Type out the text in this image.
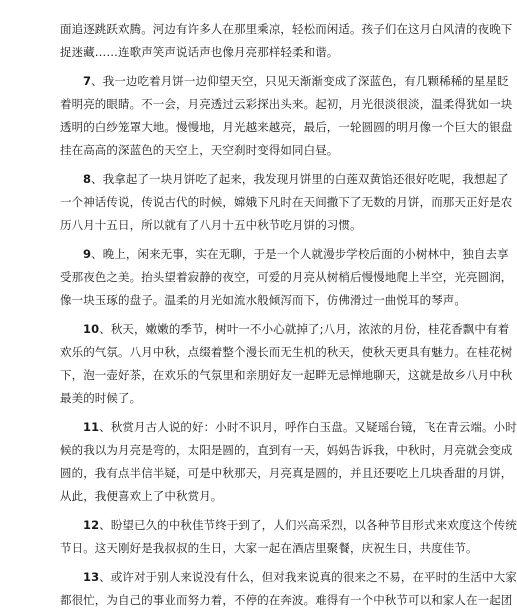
面追逐跳跃欢腾。河边有许多人在那里乘凉，轻松而闲适。孩子们在这月白风清的夜晚下
捉迷藏……连歌声笑声说话声也像月亮那样轻柔和谐。
7、我一边吃着月饼一边仰望天空，只见天渐渐变成了深蓝色，有几颗稀稀的星星眨
着明亮的眼睛。不一会，月亮透过云彩探出头来。起初，月光很淡很淡，温柔得犹如一块
透明的白纱笼罩大地。慢慢地，月光越来越亮，最后，一轮圆圆的明月像一个巨大的银盘
挂在高高的深蓝色的天空上，天空刹时变得如同白昼。
8、我拿起了一块月饼吃了起来，我发现月饼里的白莲双黄馅还很好吃呢，我想起了
一个神话传说，传说古代的时候，嫦娥下凡时在天间撒下了无数的月饼，而那天正好是农
历八月十五日，所以就有了八月十五中秋节吃月饼的习惯。
9、晚上，闲来无事，实在无聊，于是一个人就漫步学校后面的小树林中，独自去享
受那夜色之美。抬头望着寂静的夜空，可爱的月亮从树梢后慢慢地爬上半空，光亮圆润，
像一块玉琢的盘子。温柔的月光如流水般倾泻而下，仿佛滑过一曲悦耳的琴声。
10、秋天，嫩嫩的季节，树叶一不小心就掉了;八月，浓浓的月份，桂花香飘中有着
欢乐的气氛。八月中秋，点缀着整个漫长而无生机的秋天，使秋天更具有魅力。在桂花树
下，泡一壶好茶，在欢乐的气氛里和亲朋好友一起畔无忌惮地聊天，这就是故乡八月中秋
最美的时候了。
11、秋赏月古人说的好：小时不识月，呼作白玉盘。又疑瑶台镜，飞在青云端。小时
候的我以为月亮是弯的，太阳是圆的，直到有一天，妈妈告诉我，中秋时，月亮就会变成
圆的，我有点半信半疑，可是中秋那天，月亮真是圆的，并且还要吃上几块香甜的月饼，
从此，我便喜欢上了中秋赏月。
12、盼望已久的中秋佳节终于到了，人们兴高采烈，以各种节目形式来欢度这个传统
节日。这天刚好是我叔叔的生日，大家一起在酒店里聚餐，庆祝生日，共度佳节。
13、或许对于别人来说没有什么，但对我来说真的很来之不易，在平时的生活中大家
都很忙，为自己的事业而努力着，不停的在奔波。难得有一个中秋节可以和家人在一起团
